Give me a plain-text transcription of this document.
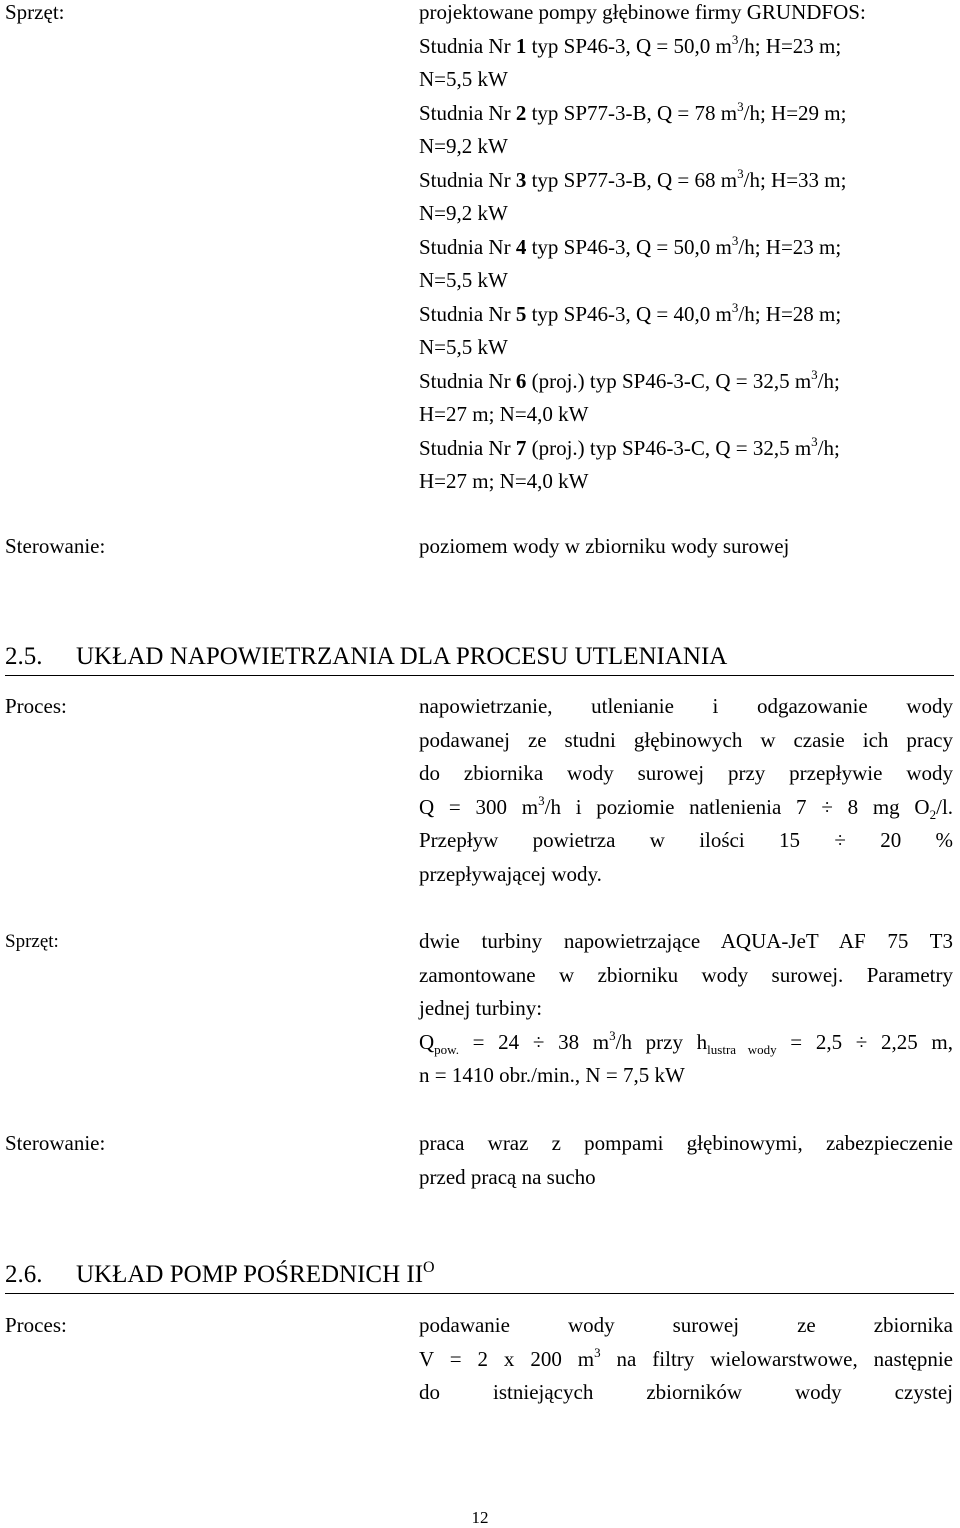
Sprzęt:	projektowane pompy głębinowe firmy GRUNDFOS:
Studnia Nr 1 typ SP46-3, Q = 50,0 $m^3/h$; H=23 m;
N=5,5 kW
Studnia Nr 2 typ SP77-3-B, Q = 78 $m^3/h$; H=29 m;
N=9,2 kW
Studnia Nr 3 typ SP77-3-B, Q = 68 $m^3/h$; H=33 m;
N=9,2 kW
Studnia Nr 4 typ SP46-3, Q = 50,0 $m^3/h$; H=23 m;
N=5,5 kW
Studnia Nr 5 typ SP46-3, Q = 40,0 $m^3/h$; H=28 m;
N=5,5 kW
Studnia Nr 6 (proj.) typ SP46-3-C, Q = 32,5 $m^3/h$;
H=27 m; N=4,0 kW
Studnia Nr 7 (proj.) typ SP46-3-C, Q = 32,5 $m^3/h$;
H=27 m; N=4,0 kW

Sterowanie:	poziomem wody w zbiorniku wody surowej

2.5. UKŁAD NAPOWIETRZANIA DLA PROCESU UTLENIANIA

Proces:	napowietrzanie, utlenianie i odgazowanie wody
podawanej ze studni głębinowych w czasie ich pracy
do zbiornika wody surowej przy przepływie wody
Q = 300 $m^3/h$ i poziomie natlenienia 7 ÷ 8 mg $O_2/l$.
Przepływ powietrza w ilości 15 ÷ 20 %
przepływającej wody.

Sprzęt:	dwie turbiny napowietrzające AQUA-JeT AF 75 T3
zamontowane w zbiorniku wody surowej. Parametry
jednej turbiny:
$Q_{pow.} = 24 \div 38$ $m^3/h$ przy $h_{lustra wody} = 2,5 \div 2,25$ m,
n = 1410 obr./min., N = 7,5 kW

Sterowanie:	praca wraz z pompami głębinowymi, zabezpieczenie
przed pracą na sucho
2.6. UKŁAD POMP POŚREDNICH $II^O$

Proces:	podawanie wody surowej ze zbiornika
V = 2 x 200 $m^3$ na filtry wielowarstwowe, następnie
do istniejących zbiorników wody czystej
12
